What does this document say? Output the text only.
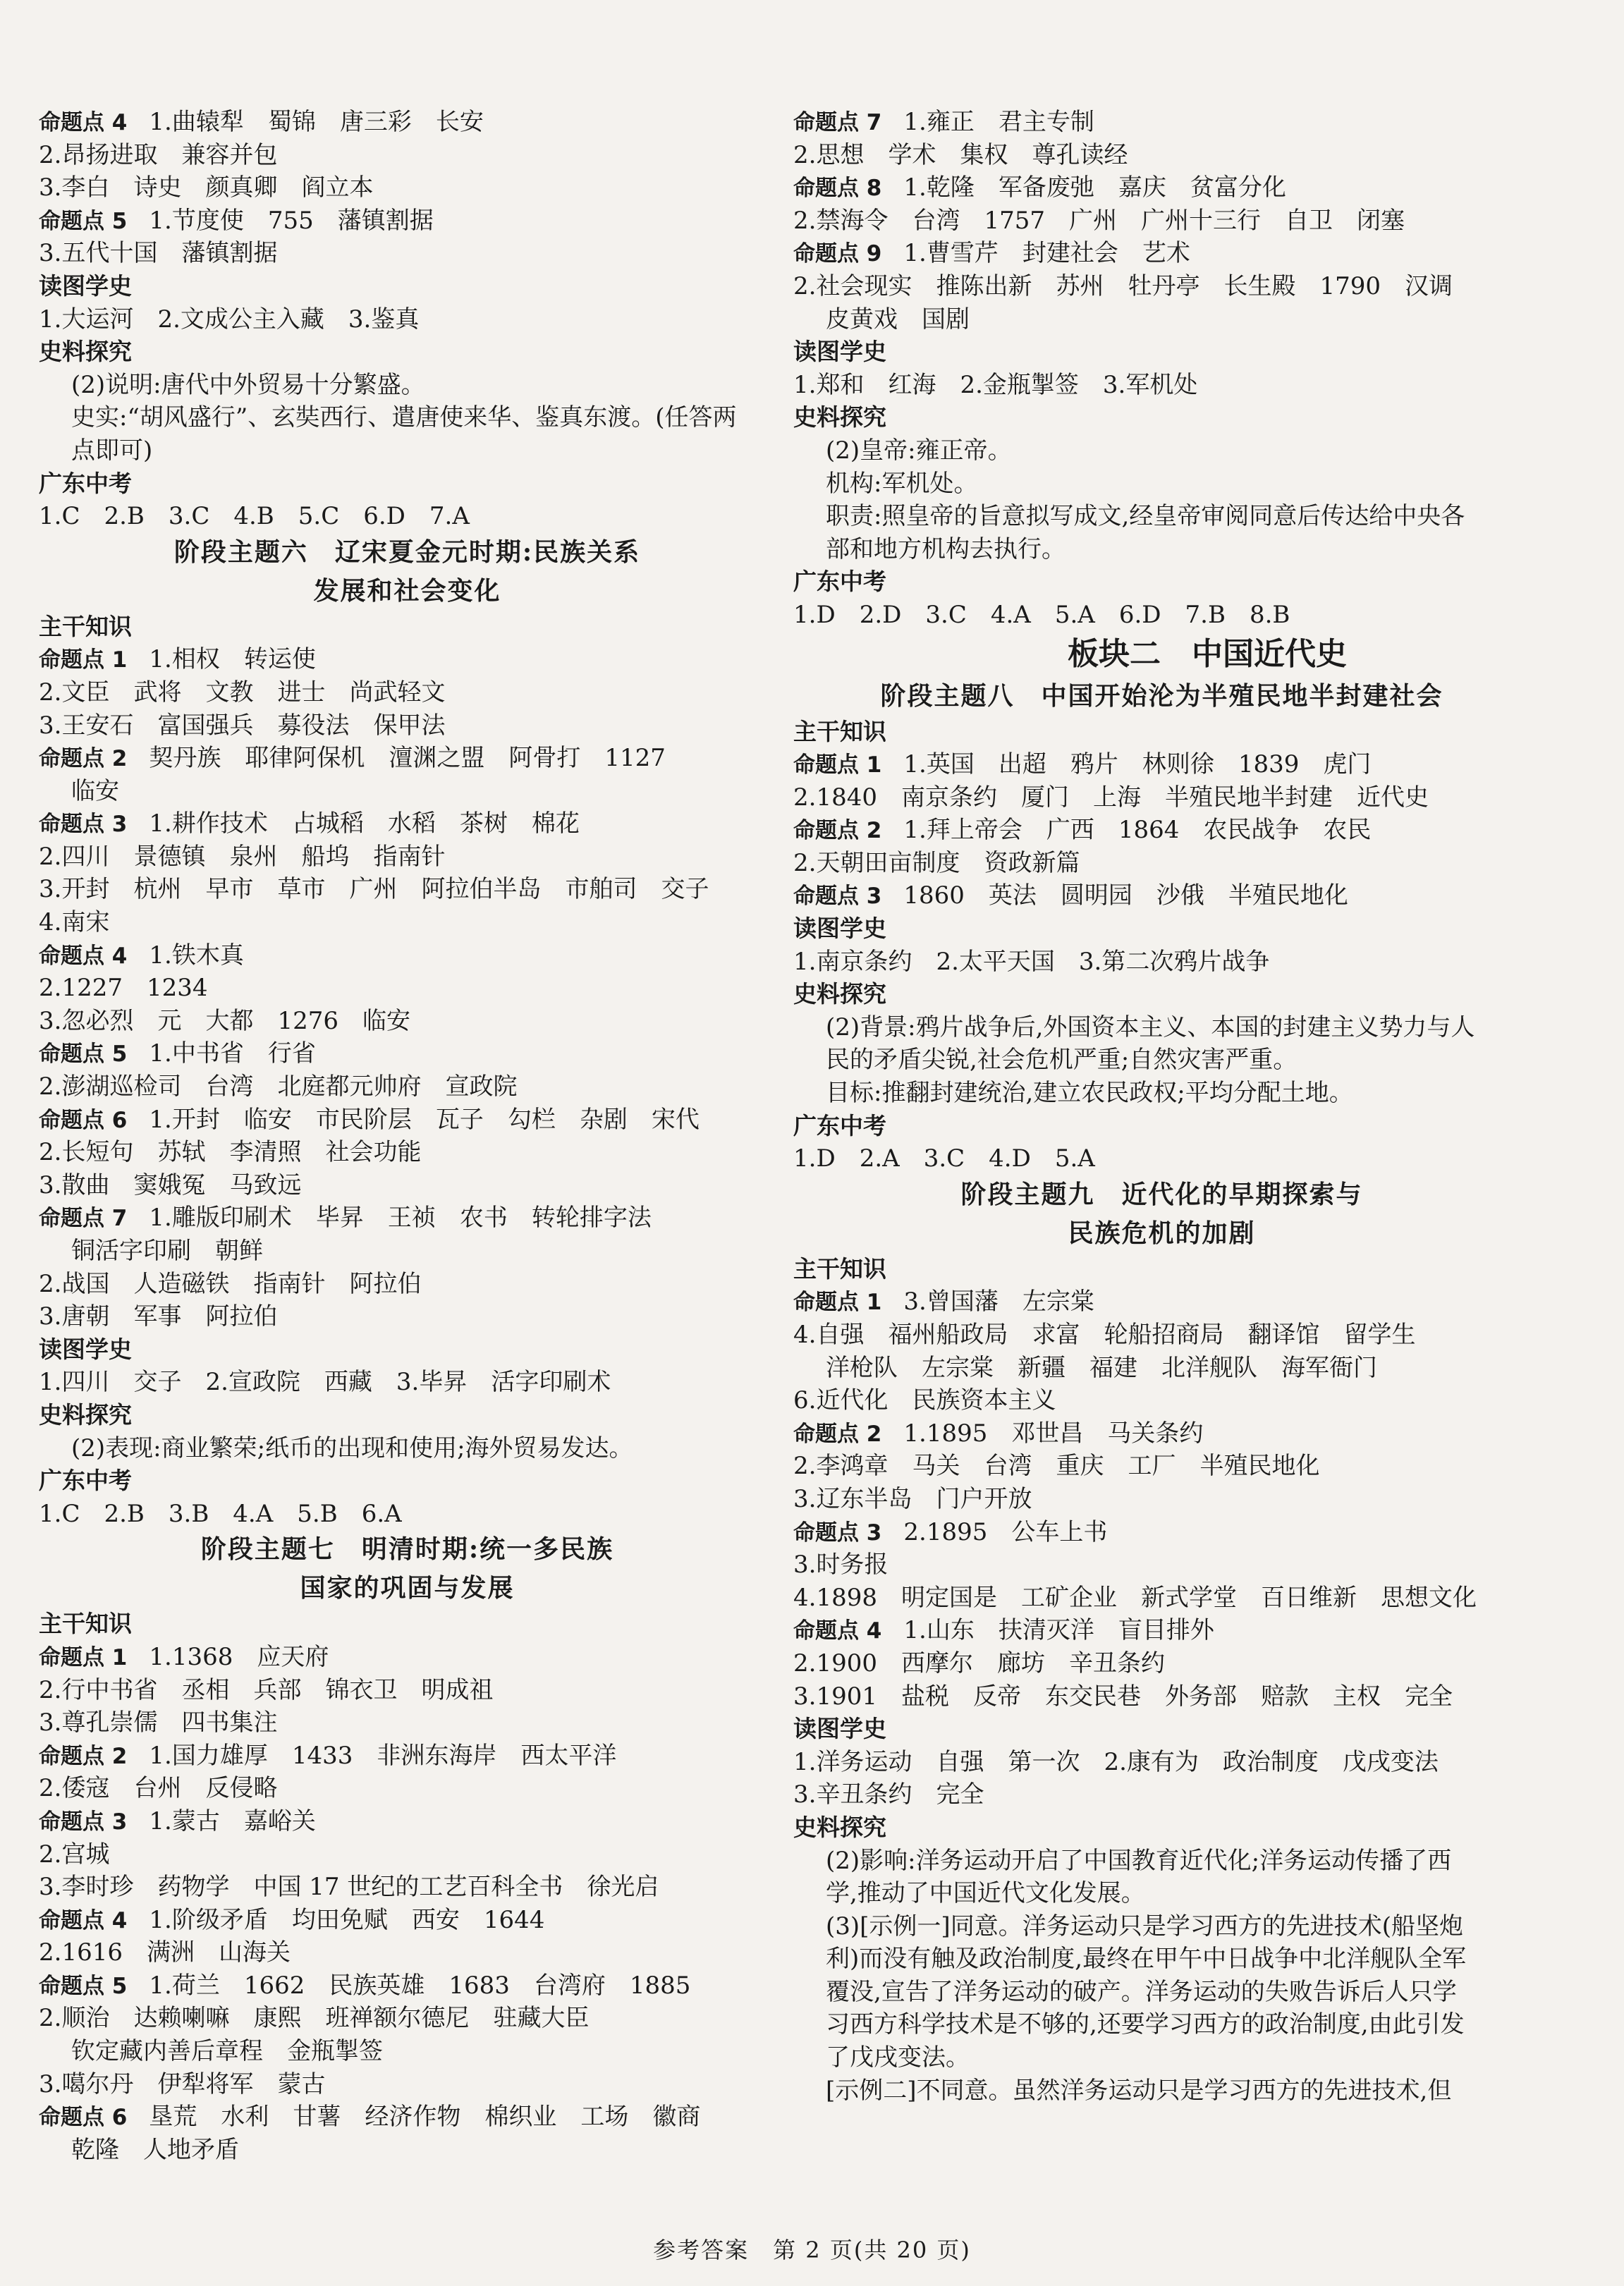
命题点 4　1.曲辕犁　蜀锦　唐三彩　长安
2.昂扬进取　兼容并包
3.李白　诗史　颜真卿　阎立本
命题点 5　1.节度使　755　藩镇割据
3.五代十国　藩镇割据
读图学史
1.大运河　2.文成公主入藏　3.鉴真
史料探究
(2)说明:唐代中外贸易十分繁盛。
史实:“胡风盛行”、玄奘西行、遣唐使来华、鉴真东渡。(任答两
点即可)
广东中考
1.C　2.B　3.C　4.B　5.C　6.D　7.A
阶段主题六　辽宋夏金元时期:民族关系
发展和社会变化
主干知识
命题点 1　1.相权　转运使
2.文臣　武将　文教　进士　尚武轻文
3.王安石　富国强兵　募役法　保甲法
命题点 2　契丹族　耶律阿保机　澶渊之盟　阿骨打　1127
临安
命题点 3　1.耕作技术　占城稻　水稻　茶树　棉花
2.四川　景德镇　泉州　船坞　指南针
3.开封　杭州　早市　草市　广州　阿拉伯半岛　市舶司　交子
4.南宋
命题点 4　1.铁木真
2.1227　1234
3.忽必烈　元　大都　1276　临安
命题点 5　1.中书省　行省
2.澎湖巡检司　台湾　北庭都元帅府　宣政院
命题点 6　1.开封　临安　市民阶层　瓦子　勾栏　杂剧　宋代
2.长短句　苏轼　李清照　社会功能
3.散曲　窦娥冤　马致远
命题点 7　1.雕版印刷术　毕昇　王祯　农书　转轮排字法
铜活字印刷　朝鲜
2.战国　人造磁铁　指南针　阿拉伯
3.唐朝　军事　阿拉伯
读图学史
1.四川　交子　2.宣政院　西藏　3.毕昇　活字印刷术
史料探究
(2)表现:商业繁荣;纸币的出现和使用;海外贸易发达。
广东中考
1.C　2.B　3.B　4.A　5.B　6.A
阶段主题七　明清时期:统一多民族
国家的巩固与发展
主干知识
命题点 1　1.1368　应天府
2.行中书省　丞相　兵部　锦衣卫　明成祖
3.尊孔崇儒　四书集注
命题点 2　1.国力雄厚　1433　非洲东海岸　西太平洋
2.倭寇　台州　反侵略
命题点 3　1.蒙古　嘉峪关
2.宫城
3.李时珍　药物学　中国 17 世纪的工艺百科全书　徐光启
命题点 4　1.阶级矛盾　均田免赋　西安　1644
2.1616　满洲　山海关
命题点 5　1.荷兰　1662　民族英雄　1683　台湾府　1885
2.顺治　达赖喇嘛　康熙　班禅额尔德尼　驻藏大臣
钦定藏内善后章程　金瓶掣签
3.噶尔丹　伊犁将军　蒙古
命题点 6　垦荒　水利　甘薯　经济作物　棉织业　工场　徽商
乾隆　人地矛盾
命题点 7　1.雍正　君主专制
2.思想　学术　集权　尊孔读经
命题点 8　1.乾隆　军备废弛　嘉庆　贫富分化
2.禁海令　台湾　1757　广州　广州十三行　自卫　闭塞
命题点 9　1.曹雪芹　封建社会　艺术
2.社会现实　推陈出新　苏州　牡丹亭　长生殿　1790　汉调
皮黄戏　国剧
读图学史
1.郑和　红海　2.金瓶掣签　3.军机处
史料探究
(2)皇帝:雍正帝。
机构:军机处。
职责:照皇帝的旨意拟写成文,经皇帝审阅同意后传达给中央各
部和地方机构去执行。
广东中考
1.D　2.D　3.C　4.A　5.A　6.D　7.B　8.B
板块二　中国近代史
阶段主题八　中国开始沦为半殖民地半封建社会
主干知识
命题点 1　1.英国　出超　鸦片　林则徐　1839　虎门
2.1840　南京条约　厦门　上海　半殖民地半封建　近代史
命题点 2　1.拜上帝会　广西　1864　农民战争　农民
2.天朝田亩制度　资政新篇
命题点 3　1860　英法　圆明园　沙俄　半殖民地化
读图学史
1.南京条约　2.太平天国　3.第二次鸦片战争
史料探究
(2)背景:鸦片战争后,外国资本主义、本国的封建主义势力与人
民的矛盾尖锐,社会危机严重;自然灾害严重。
目标:推翻封建统治,建立农民政权;平均分配土地。
广东中考
1.D　2.A　3.C　4.D　5.A
阶段主题九　近代化的早期探索与
民族危机的加剧
主干知识
命题点 1　3.曾国藩　左宗棠
4.自强　福州船政局　求富　轮船招商局　翻译馆　留学生
洋枪队　左宗棠　新疆　福建　北洋舰队　海军衙门
6.近代化　民族资本主义
命题点 2　1.1895　邓世昌　马关条约
2.李鸿章　马关　台湾　重庆　工厂　半殖民地化
3.辽东半岛　门户开放
命题点 3　2.1895　公车上书
3.时务报
4.1898　明定国是　工矿企业　新式学堂　百日维新　思想文化
命题点 4　1.山东　扶清灭洋　盲目排外
2.1900　西摩尔　廊坊　辛丑条约
3.1901　盐税　反帝　东交民巷　外务部　赔款　主权　完全
读图学史
1.洋务运动　自强　第一次　2.康有为　政治制度　戊戌变法
3.辛丑条约　完全
史料探究
(2)影响:洋务运动开启了中国教育近代化;洋务运动传播了西
学,推动了中国近代文化发展。
(3)[示例一]同意。洋务运动只是学习西方的先进技术(船坚炮
利)而没有触及政治制度,最终在甲午中日战争中北洋舰队全军
覆没,宣告了洋务运动的破产。洋务运动的失败告诉后人只学
习西方科学技术是不够的,还要学习西方的政治制度,由此引发
了戊戌变法。
[示例二]不同意。虽然洋务运动只是学习西方的先进技术,但
参考答案　第 2 页(共 20 页)
